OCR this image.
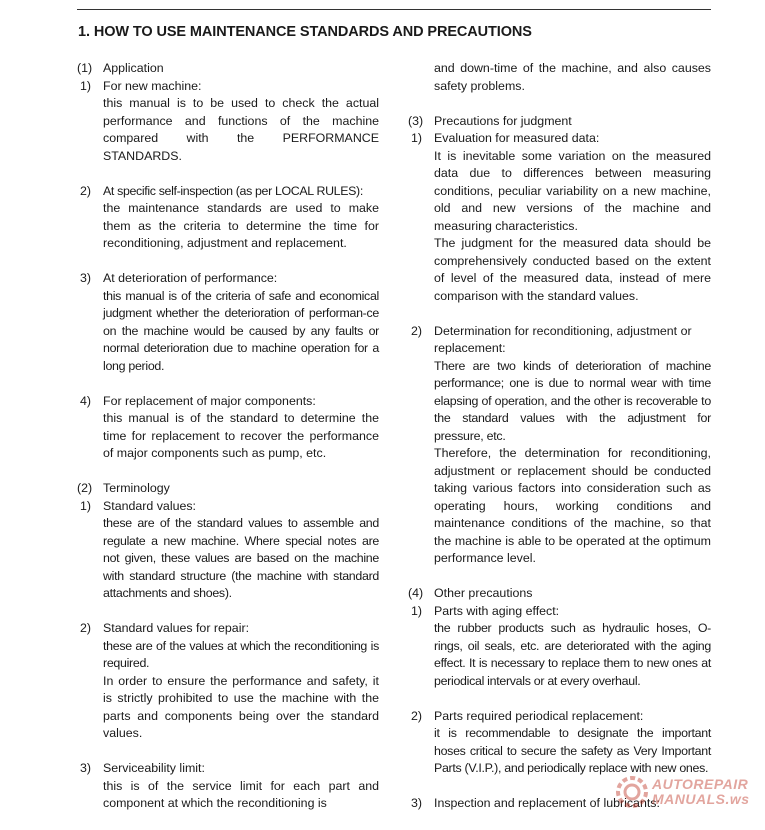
1. HOW TO USE MAINTENANCE STANDARDS AND PRECAUTIONS
(1) Application
1) For new machine:
this manual is to be used to check the actual performance and functions of the machine compared with the PERFORMANCE STANDARDS.
2) At specific self-inspection (as per LOCAL RULES):
the maintenance standards are used to make them as the criteria to determine the time for reconditioning, adjustment and replacement.
3) At deterioration of performance:
this manual is of the criteria of safe and economical judgment whether the deterioration of performan-ce on the machine would be caused by any faults or normal deterioration due to machine operation for a long period.
4) For replacement of major components:
this manual is of the standard to determine the time for replacement to recover the performance of major components such as pump, etc.
(2) Terminology
1) Standard values:
these are of the standard values to assemble and regulate a new machine. Where special notes are not given, these values are based on the machine with standard structure (the machine with standard attachments and shoes).
2) Standard values for repair:

these are of the values at which the reconditioning is required.

In order to ensure the performance and safety, it is strictly prohibited to use the machine with the parts and components being over the standard values.

3) Serviceability limit:
this is of the service limit for each part and component at which the reconditioning is
and down-time of the machine, and also causes safety problems.
(3) Precautions for judgment
1) Evaluation for measured data:

It is inevitable some variation on the measured data due to differences between measuring conditions, peculiar variability on a new machine, old and new versions of the machine and measuring characteristics.

The judgment for the measured data should be comprehensively conducted based on the extent of level of the measured data, instead of mere comparison with the standard values.

2) Determination for reconditioning, adjustment or
replacement:

There are two kinds of deterioration of machine performance; one is due to normal wear with time elapsing of operation, and the other is recoverable to the standard values with the adjustment for pressure, etc.

Therefore, the determination for reconditioning, adjustment or replacement should be conducted taking various factors into consideration such as operating hours, working conditions and maintenance conditions of the machine, so that the machine is able to be operated at the optimum performance level.

(4) Other precautions
1) Parts with aging effect:
the rubber products such as hydraulic hoses, O-rings, oil seals, etc. are deteriorated with the aging effect. It is necessary to replace them to new ones at periodical intervals or at every overhaul.
2) Parts required periodical replacement:
it is recommendable to designate the important hoses critical to secure the safety as Very Important Parts (V.I.P.), and periodically replace with new ones.
3) Inspection and replacement of lubricants:
AUTOREPAIR
MANUALS.ws
